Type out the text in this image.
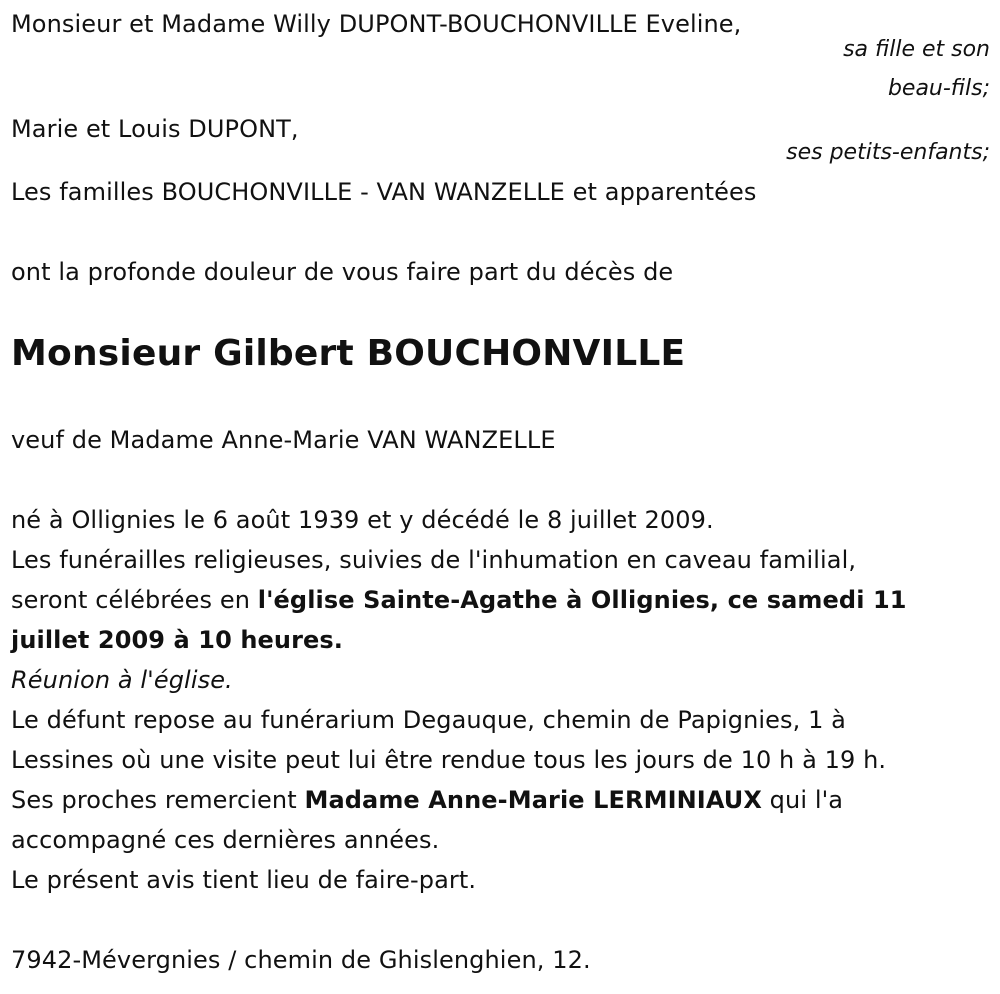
Monsieur et Madame Willy DUPONT-BOUCHONVILLE Eveline,
sa fille et son
beau-fils;
Marie et Louis DUPONT,
ses petits-enfants;
Les familles BOUCHONVILLE - VAN WANZELLE et apparentées
ont la profonde douleur de vous faire part du décès de
Monsieur Gilbert BOUCHONVILLE
veuf de Madame Anne-Marie VAN WANZELLE
né à Ollignies le 6 août 1939 et y décédé le 8 juillet 2009.
Les funérailles religieuses, suivies de l'inhumation en caveau familial,
seront célébrées en l'église Sainte-Agathe à Ollignies, ce samedi 11
juillet 2009 à 10 heures.
Réunion à l'église.
Le défunt repose au funérarium Degauque, chemin de Papignies, 1 à
Lessines où une visite peut lui être rendue tous les jours de 10 h à 19 h.
Ses proches remercient Madame Anne-Marie LERMINIAUX qui l'a
accompagné ces dernières années.
Le présent avis tient lieu de faire-part.
7942-Mévergnies / chemin de Ghislenghien, 12.
